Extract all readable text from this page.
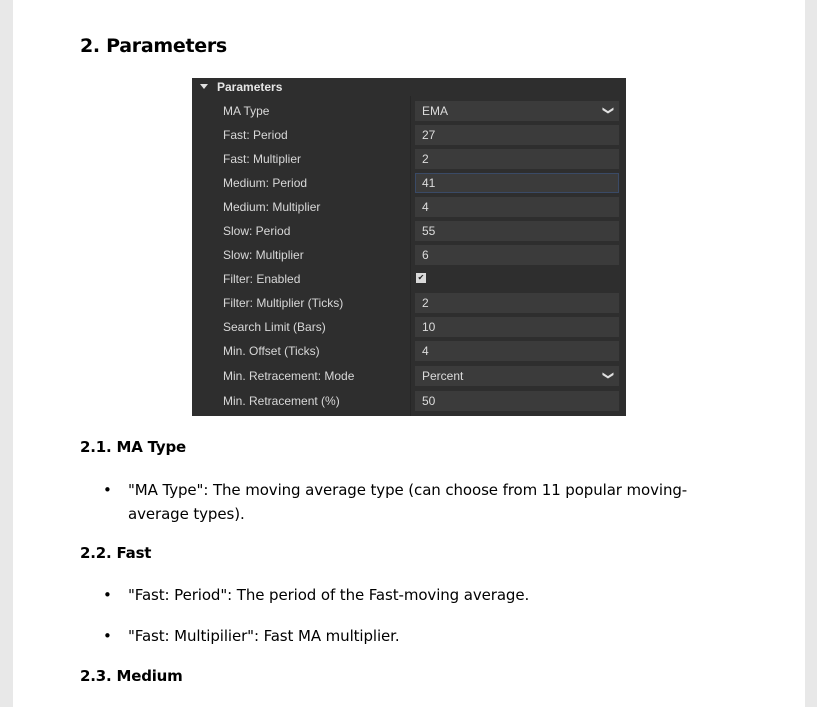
2. Parameters
Parameters
MA Type	EMA	❯
Fast: Period	27
Fast: Multiplier	2
Medium: Period	41
Medium: Multiplier	4
Slow: Period	55
Slow: Multiplier	6
Filter: Enabled	✔
Filter: Multiplier (Ticks)	2
Search Limit (Bars)	10
Min. Offset (Ticks)	4
Min. Retracement: Mode	Percent	❯
Min. Retracement (%)	50
2.1. MA Type
• "MA Type": The moving average type (can choose from 11 popular moving-average types).
2.2. Fast
• "Fast: Period": The period of the Fast-moving average.
• "Fast: Multipilier": Fast MA multiplier.
2.3. Medium
